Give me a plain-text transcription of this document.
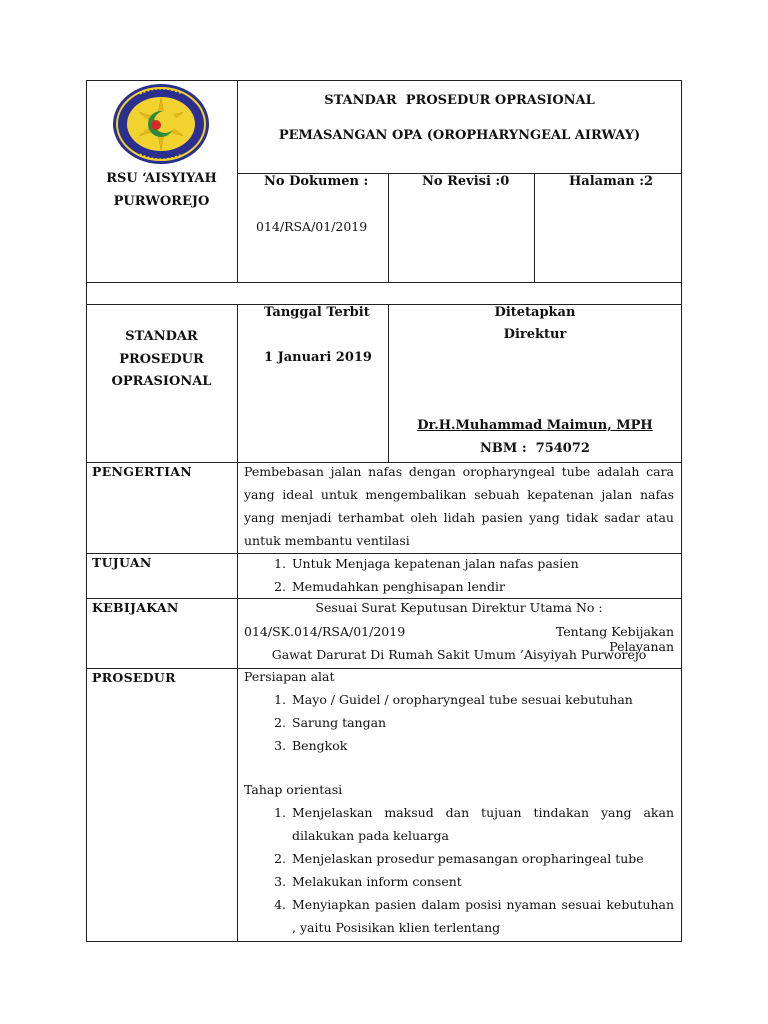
RSU ‘AISYIYAH
PURWOREJO
STANDAR  PROSEDUR OPRASIONAL
PEMASANGAN OPA (OROPHARYNGEAL AIRWAY)
No Dokumen :
014/RSA/01/2019
No Revisi :0	Halaman :2
STANDAR
PROSEDUR
OPRASIONAL
Tanggal Terbit
1 Januari 2019
Ditetapkan
Direktur
Dr.H.Muhammad Maimun, MPH
NBM :  754072
PENGERTIAN	Pembebasan jalan nafas dengan oropharyngeal tube adalah cara yang ideal untuk mengembalikan sebuah kepatenan jalan nafas yang menjadi terhambat oleh lidah pasien yang tidak sadar atau untuk membantu ventilasi
TUJUAN
1.	Untuk Menjaga kepatenan jalan nafas pasien
2. Memudahkan penghisapan lendir
KEBIJAKAN	Sesuai Surat Keputusan Direktur Utama No :
014/SK.014/RSA/01/2019	Tentang Kebijakan Pelayanan
Gawat Darurat Di Rumah Sakit Umum ’Aisyiyah Purworejo
PROSEDUR	Persiapan alat
1. Mayo / Guidel / oropharyngeal tube sesuai kebutuhan
2. Sarung tangan
3. Bengkok
Tahap orientasi
1. Menjelaskan maksud dan tujuan tindakan yang akan dilakukan pada keluarga
2. Menjelaskan prosedur pemasangan oropharingeal tube
3. Melakukan inform consent
4. Menyiapkan pasien dalam posisi nyaman sesuai kebutuhan , yaitu Posisikan klien terlentang
